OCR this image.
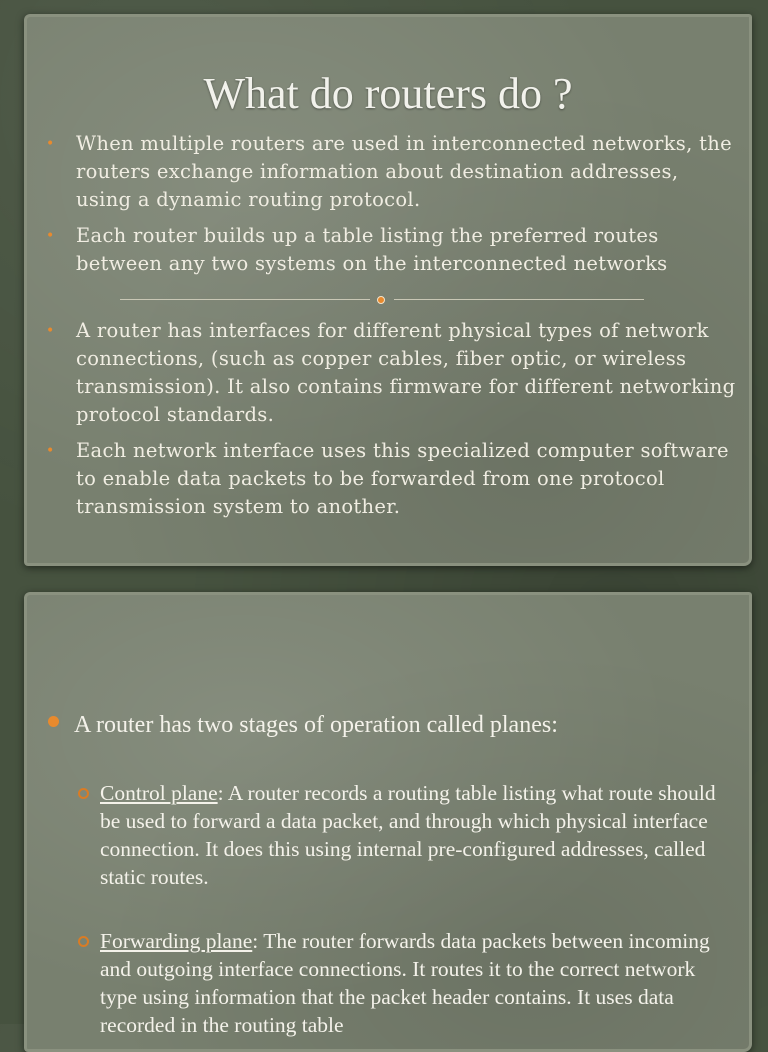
What do routers do ?
• When multiple routers are used in interconnected networks, the routers exchange information about destination addresses, using a dynamic routing protocol.
• Each router builds up a table listing the preferred routes between any two systems on the interconnected networks
• A router has interfaces for different physical types of network connections, (such as copper cables, fiber optic, or wireless transmission). It also contains firmware for different networking protocol standards.
• Each network interface uses this specialized computer software to enable data packets to be forwarded from one protocol transmission system to another.
A router has two stages of operation called planes:
Control plane: A router records a routing table listing what route should be used to forward a data packet, and through which physical interface connection. It does this using internal pre-configured addresses, called static routes.
Forwarding plane: The router forwards data packets between incoming and outgoing interface connections. It routes it to the correct network type using information that the packet header contains. It uses data recorded in the routing table
